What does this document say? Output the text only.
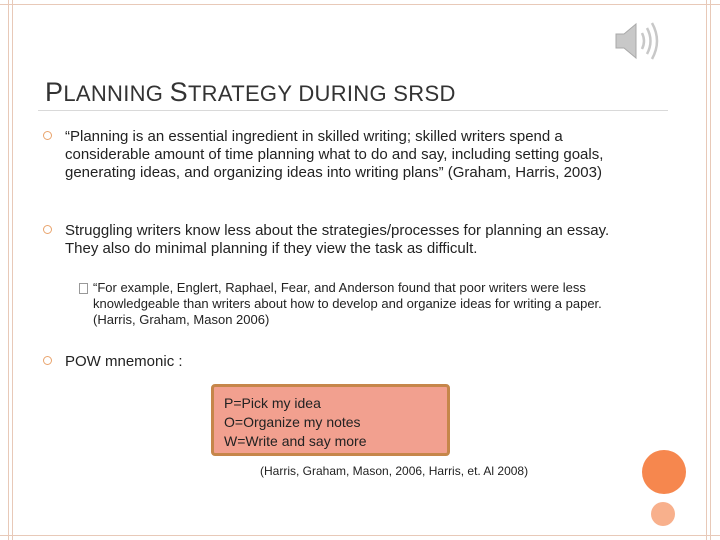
PLANNING STRATEGY DURING SRSD
“Planning is an essential ingredient in skilled writing; skilled writers spend a considerable amount of time planning what to do and say, including setting goals, generating ideas, and organizing ideas into writing plans” (Graham, Harris, 2003)
Struggling writers know less about the strategies/processes for planning an essay. They also do minimal planning if they view the task as difficult.
“For example, Englert, Raphael, Fear, and Anderson found that poor writers were less knowledgeable than writers about how to develop and organize ideas for writing a paper. (Harris, Graham, Mason 2006)
POW mnemonic :
P=Pick my idea
O=Organize my notes
W=Write and say more
(Harris, Graham, Mason, 2006, Harris, et. Al 2008)
